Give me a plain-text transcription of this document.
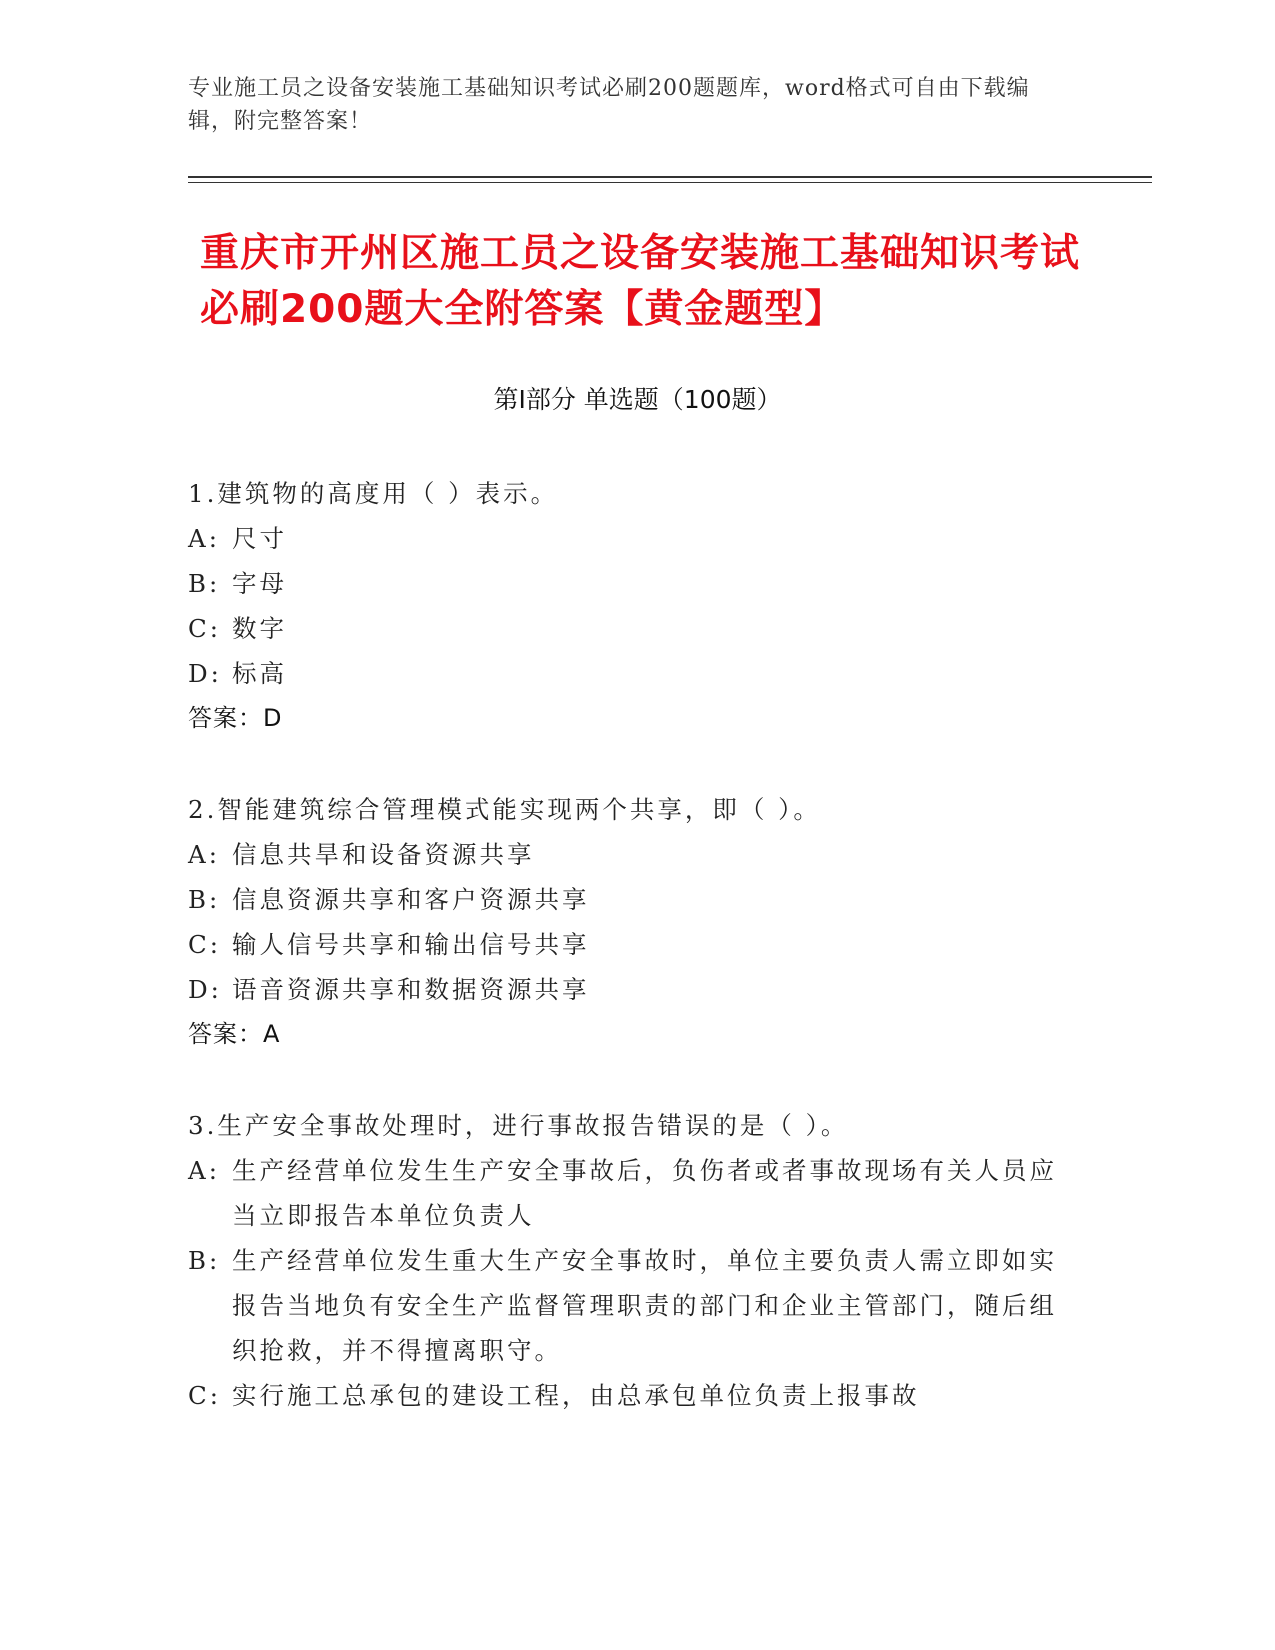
专业施工员之设备安装施工基础知识考试必刷200题题库，word格式可自由下载编辑，附完整答案！
重庆市开州区施工员之设备安装施工基础知识考试必刷200题大全附答案【黄金题型】
第I部分 单选题（100题）
1.建筑物的高度用（ ）表示。
A: 尺寸
B: 字母
C: 数字
D: 标高
答案：D
2.智能建筑综合管理模式能实现两个共享，即（ ）。
A: 信息共旱和设备资源共享
B: 信息资源共享和客户资源共享
C: 输人信号共享和输出信号共享
D: 语音资源共享和数据资源共享
答案：A
3.生产安全事故处理时，进行事故报告错误的是（ ）。
A: 生产经营单位发生生产安全事故后，负伤者或者事故现场有关人员应当立即报告本单位负责人
B: 生产经营单位发生重大生产安全事故时，单位主要负责人需立即如实报告当地负有安全生产监督管理职责的部门和企业主管部门，随后组织抢救，并不得擅离职守。
C: 实行施工总承包的建设工程，由总承包单位负责上报事故
